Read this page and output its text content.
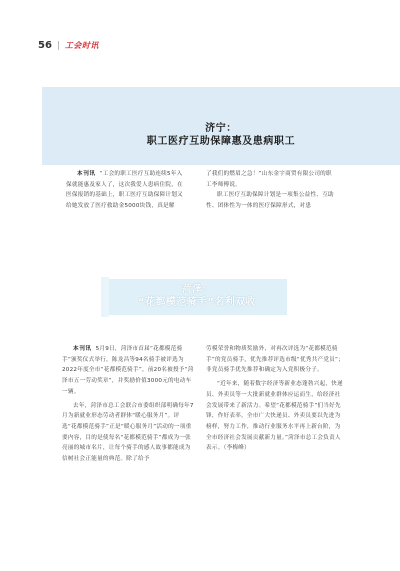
56 工会时讯
济宁：
职工医疗互助保障惠及患病职工

本刊讯 “工会的职工医疗互助连续5年入保就能惠及家人了，这次我爱人患病住院，在医保报销的基础上，职工医疗互助保障计划又给她发放了医疗救助金5000块钱，真是解

了我们的燃眉之急！”山东金宇商贸有限公司的职工李师傅说。

职工医疗互助保障计划是一项集公益性、互助性、团体性为一体的医疗保障形式，对患

菏泽：
“花都模范骑手”名利双收

本刊讯 5月9日，菏泽市首届“花都模范骑手”颁奖仪式举行，陈龙昌等94名骑手被评选为2022年度全市“花都模范骑手”，前20名被授予“菏泽市五一劳动奖章”，并奖励价值3000元的电动车一辆。

去年，菏泽市总工会联合市委组织部明确每年7月为新就业形态劳动者群体“暖心服务月”。评选“花都模范骑手”正是“暖心服务月”活动的一项重要内容，目的是使每名“花都模范骑手”都成为一张亮丽的城市名片，让每个骑手的感人故事都能成为信树社会正能量的典范。除了给予

劳模荣誉和物质奖励外，对再次评选为“花都模范骑手”的党员骑手，优先推荐评选市级“优秀共产党员”；非党员骑手优先推荐和确定为入党积极分子。

“近年来，随着数字经济等新业态蓬勃兴起，快递员、外卖员等一大批新就业群体应运而生，给经济社会发展带来了新活力。希望“花都模范骑手”们当好先锋，作好表率。全市广大快递员、外卖员要以先进为榜样，努力工作，推动行业服务水平再上新台阶，为全市经济社会发展贡献新力量。”菏泽市总工会负责人表示。（李梅峰）
